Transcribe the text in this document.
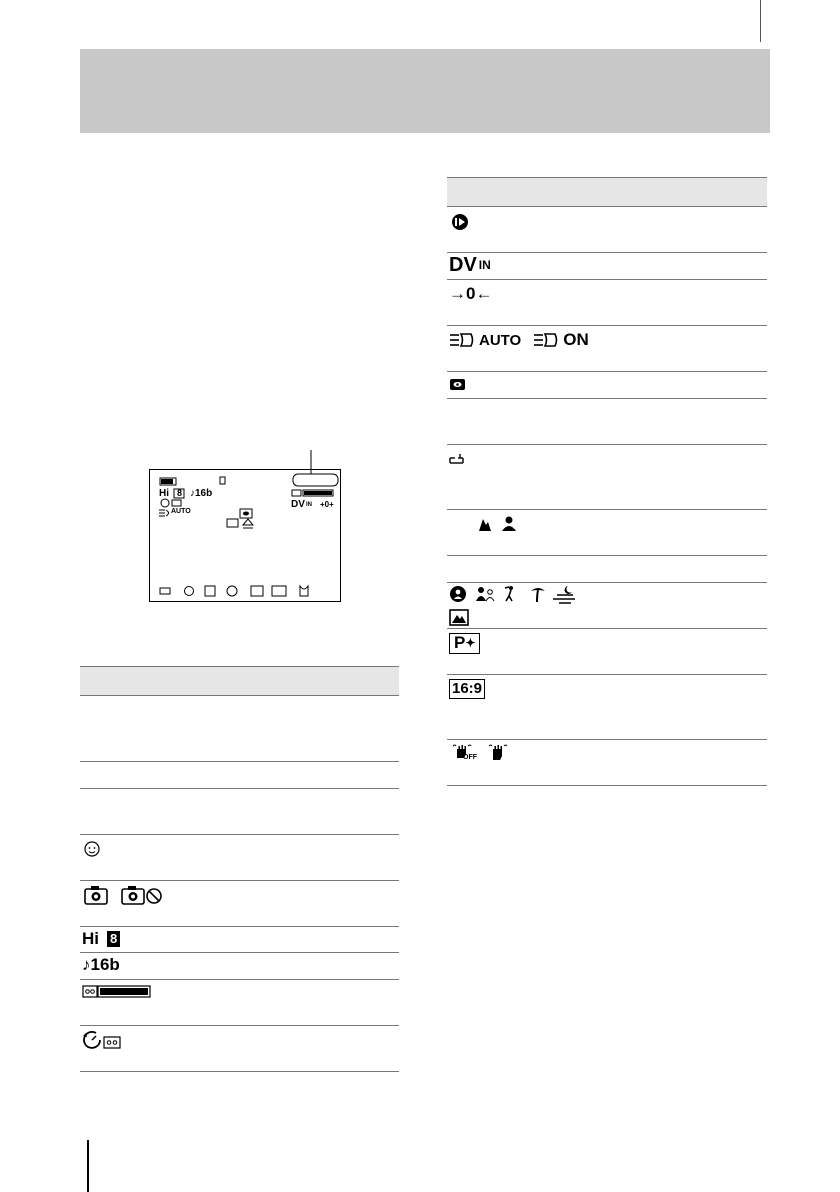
Hi 8 ♪16b
AUTO
DV IN +0+
Hi 8
♪16b
DV IN
→0←
AUTO ON
P✦
16:9
OFF
